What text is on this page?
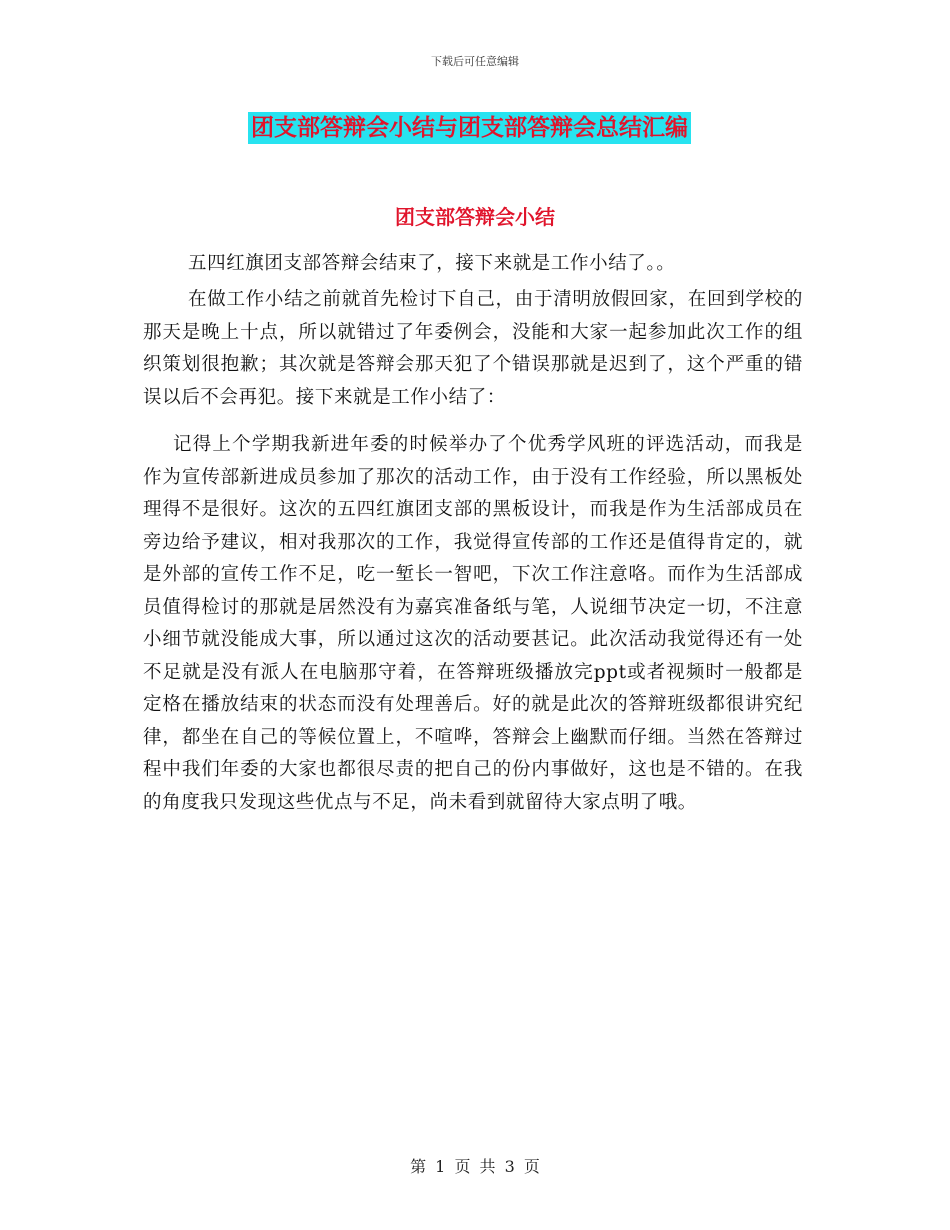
下载后可任意编辑
团支部答辩会小结与团支部答辩会总结汇编
团支部答辩会小结

五四红旗团支部答辩会结束了，接下来就是工作小结了。。

在做工作小结之前就首先检讨下自己，由于清明放假回家，在回到学校的那天是晚上十点，所以就错过了年委例会，没能和大家一起参加此次工作的组织策划很抱歉；其次就是答辩会那天犯了个错误那就是迟到了，这个严重的错误以后不会再犯。接下来就是工作小结了：

记得上个学期我新进年委的时候举办了个优秀学风班的评选活动，而我是作为宣传部新进成员参加了那次的活动工作，由于没有工作经验，所以黑板处理得不是很好。这次的五四红旗团支部的黑板设计，而我是作为生活部成员在旁边给予建议，相对我那次的工作，我觉得宣传部的工作还是值得肯定的，就是外部的宣传工作不足，吃一堑长一智吧，下次工作注意咯。而作为生活部成员值得检讨的那就是居然没有为嘉宾准备纸与笔，人说细节决定一切，不注意小细节就没能成大事，所以通过这次的活动要甚记。此次活动我觉得还有一处不足就是没有派人在电脑那守着，在答辩班级播放完ppt或者视频时一般都是定格在播放结束的状态而没有处理善后。好的就是此次的答辩班级都很讲究纪律，都坐在自己的等候位置上，不喧哗，答辩会上幽默而仔细。当然在答辩过程中我们年委的大家也都很尽责的把自己的份内事做好，这也是不错的。在我的角度我只发现这些优点与不足，尚未看到就留待大家点明了哦。

第 1 页 共 3 页
